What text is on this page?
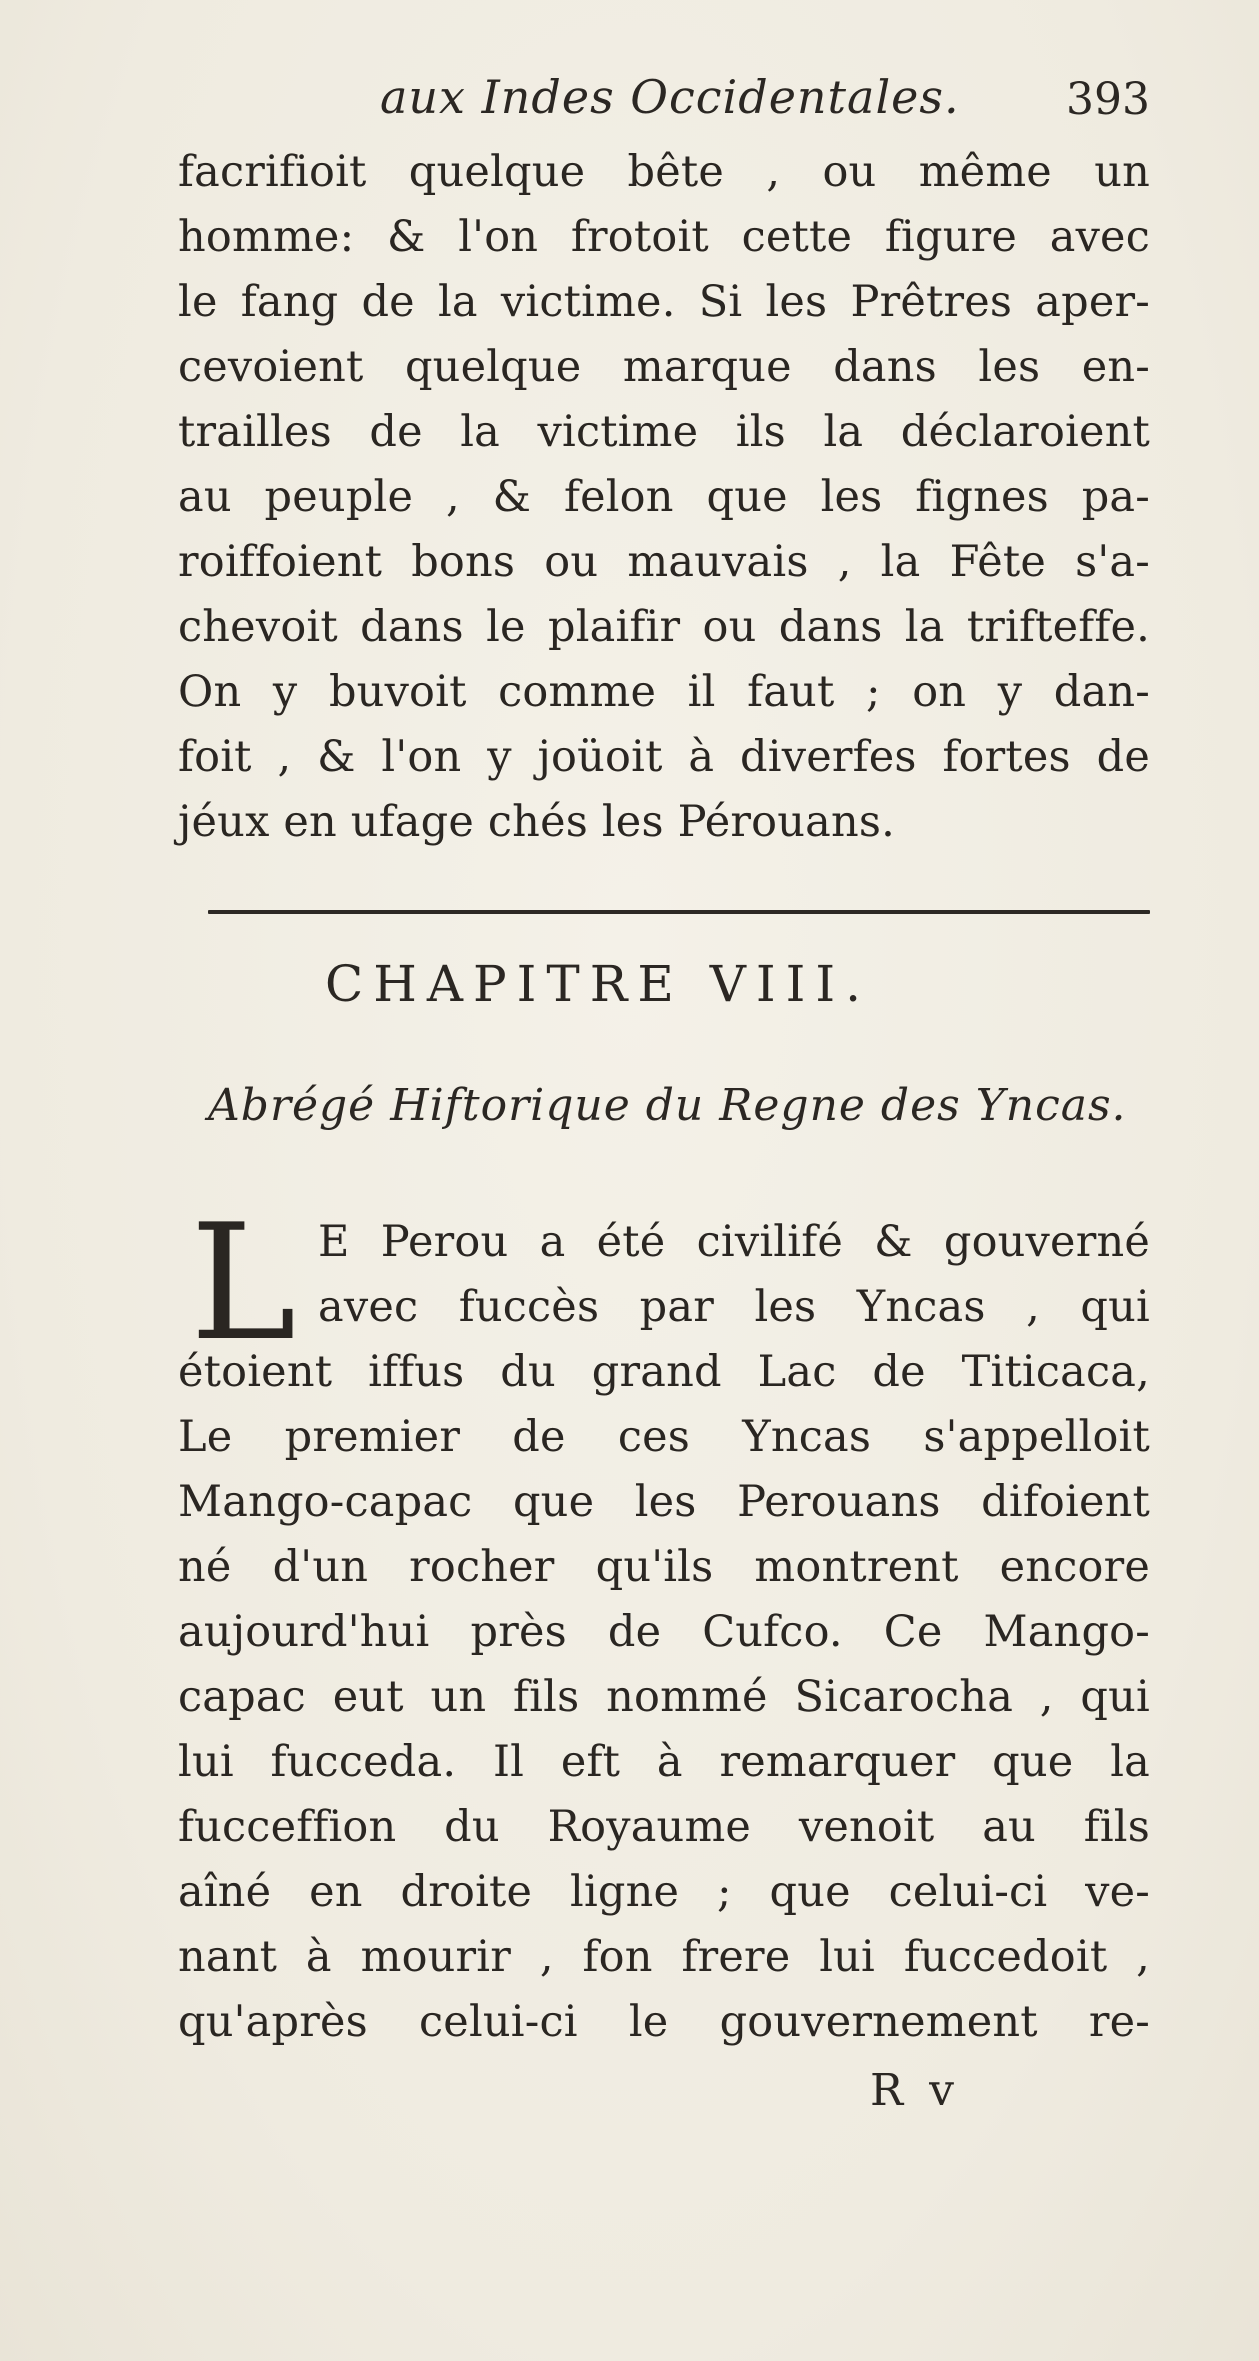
aux Indes Occidentales. 393
facrifioit quelque bête , ou même un
homme: & l'on frotoit cette figure avec
le fang de la victime. Si les Prêtres aper-
cevoient quelque marque dans les en-
trailles de la victime ils la déclaroient
au peuple , & felon que les fignes pa-
roiffoient bons ou mauvais , la Fête s'a-
chevoit dans le plaifir ou dans la trifteffe.
On y buvoit comme il faut ; on y dan-
foit , & l'on y joüoit à diverfes fortes de
jéux en ufage chés les Pérouans.
CHAPITRE VIII.
Abrégé Hiftorique du Regne des Yncas.
L E Perou a été civilifé & gouverné
avec fuccès par les Yncas , qui
étoient iffus du grand Lac de Titicaca,
Le premier de ces Yncas s'appelloit
Mango-capac que les Perouans difoient
né d'un rocher qu'ils montrent encore
aujourd'hui près de Cufco. Ce Mango-
capac eut un fils nommé Sicarocha , qui
lui fucceda. Il eft à remarquer que la
fucceffion du Royaume venoit au fils
aîné en droite ligne ; que celui-ci ve-
nant à mourir , fon frere lui fuccedoit ,
qu'après celui-ci le gouvernement re-
R v
